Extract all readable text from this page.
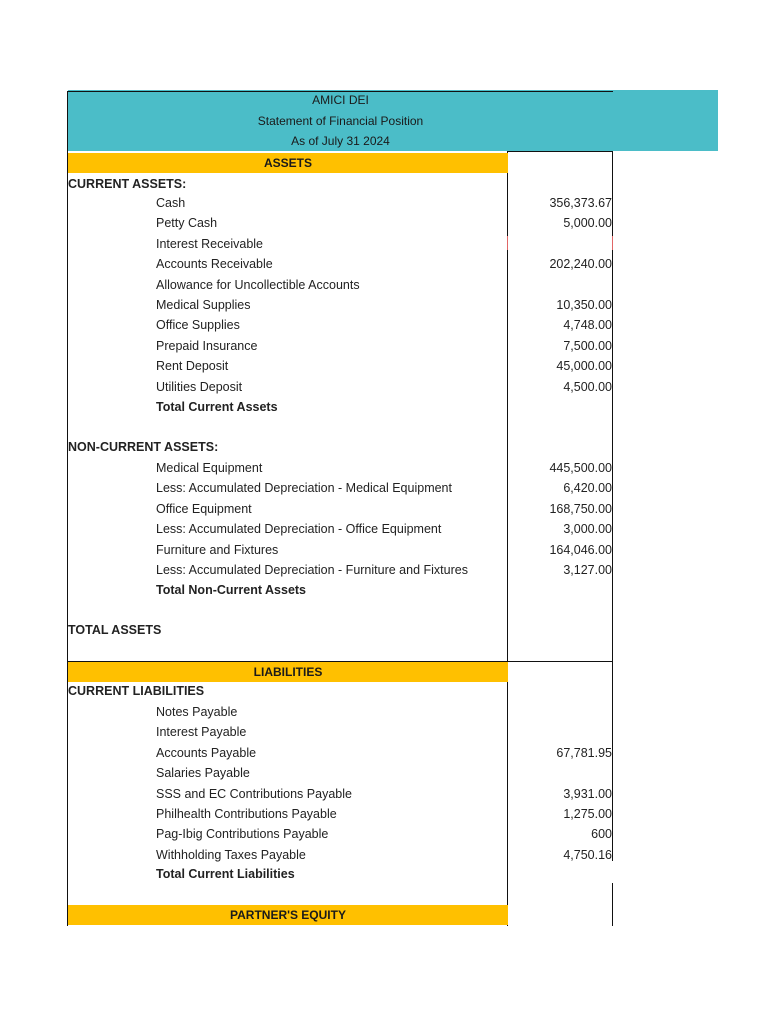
AMICI DEI
Statement of Financial Position
As of July 31 2024
ASSETS
CURRENT ASSETS:
Cash	356,373.67
Petty Cash	5,000.00
Interest Receivable
Accounts Receivable	202,240.00
Allowance for Uncollectible Accounts
Medical Supplies	10,350.00
Office Supplies	4,748.00
Prepaid Insurance	7,500.00
Rent Deposit	45,000.00
Utilities Deposit	4,500.00
Total Current Assets
NON-CURRENT ASSETS:
Medical Equipment	445,500.00
Less: Accumulated Depreciation - Medical Equipment	6,420.00
Office Equipment	168,750.00
Less: Accumulated Depreciation - Office Equipment	3,000.00
Furniture and Fixtures	164,046.00
Less: Accumulated Depreciation - Furniture and Fixtures	3,127.00
Total Non-Current Assets
TOTAL ASSETS
LIABILITIES
CURRENT LIABILITIES
Notes Payable
Interest Payable
Accounts Payable	67,781.95
Salaries Payable
SSS and EC Contributions Payable	3,931.00
Philhealth Contributions Payable	1,275.00
Pag-Ibig Contributions Payable	600
Withholding Taxes Payable	4,750.16
Total Current Liabilities
PARTNER'S EQUITY
